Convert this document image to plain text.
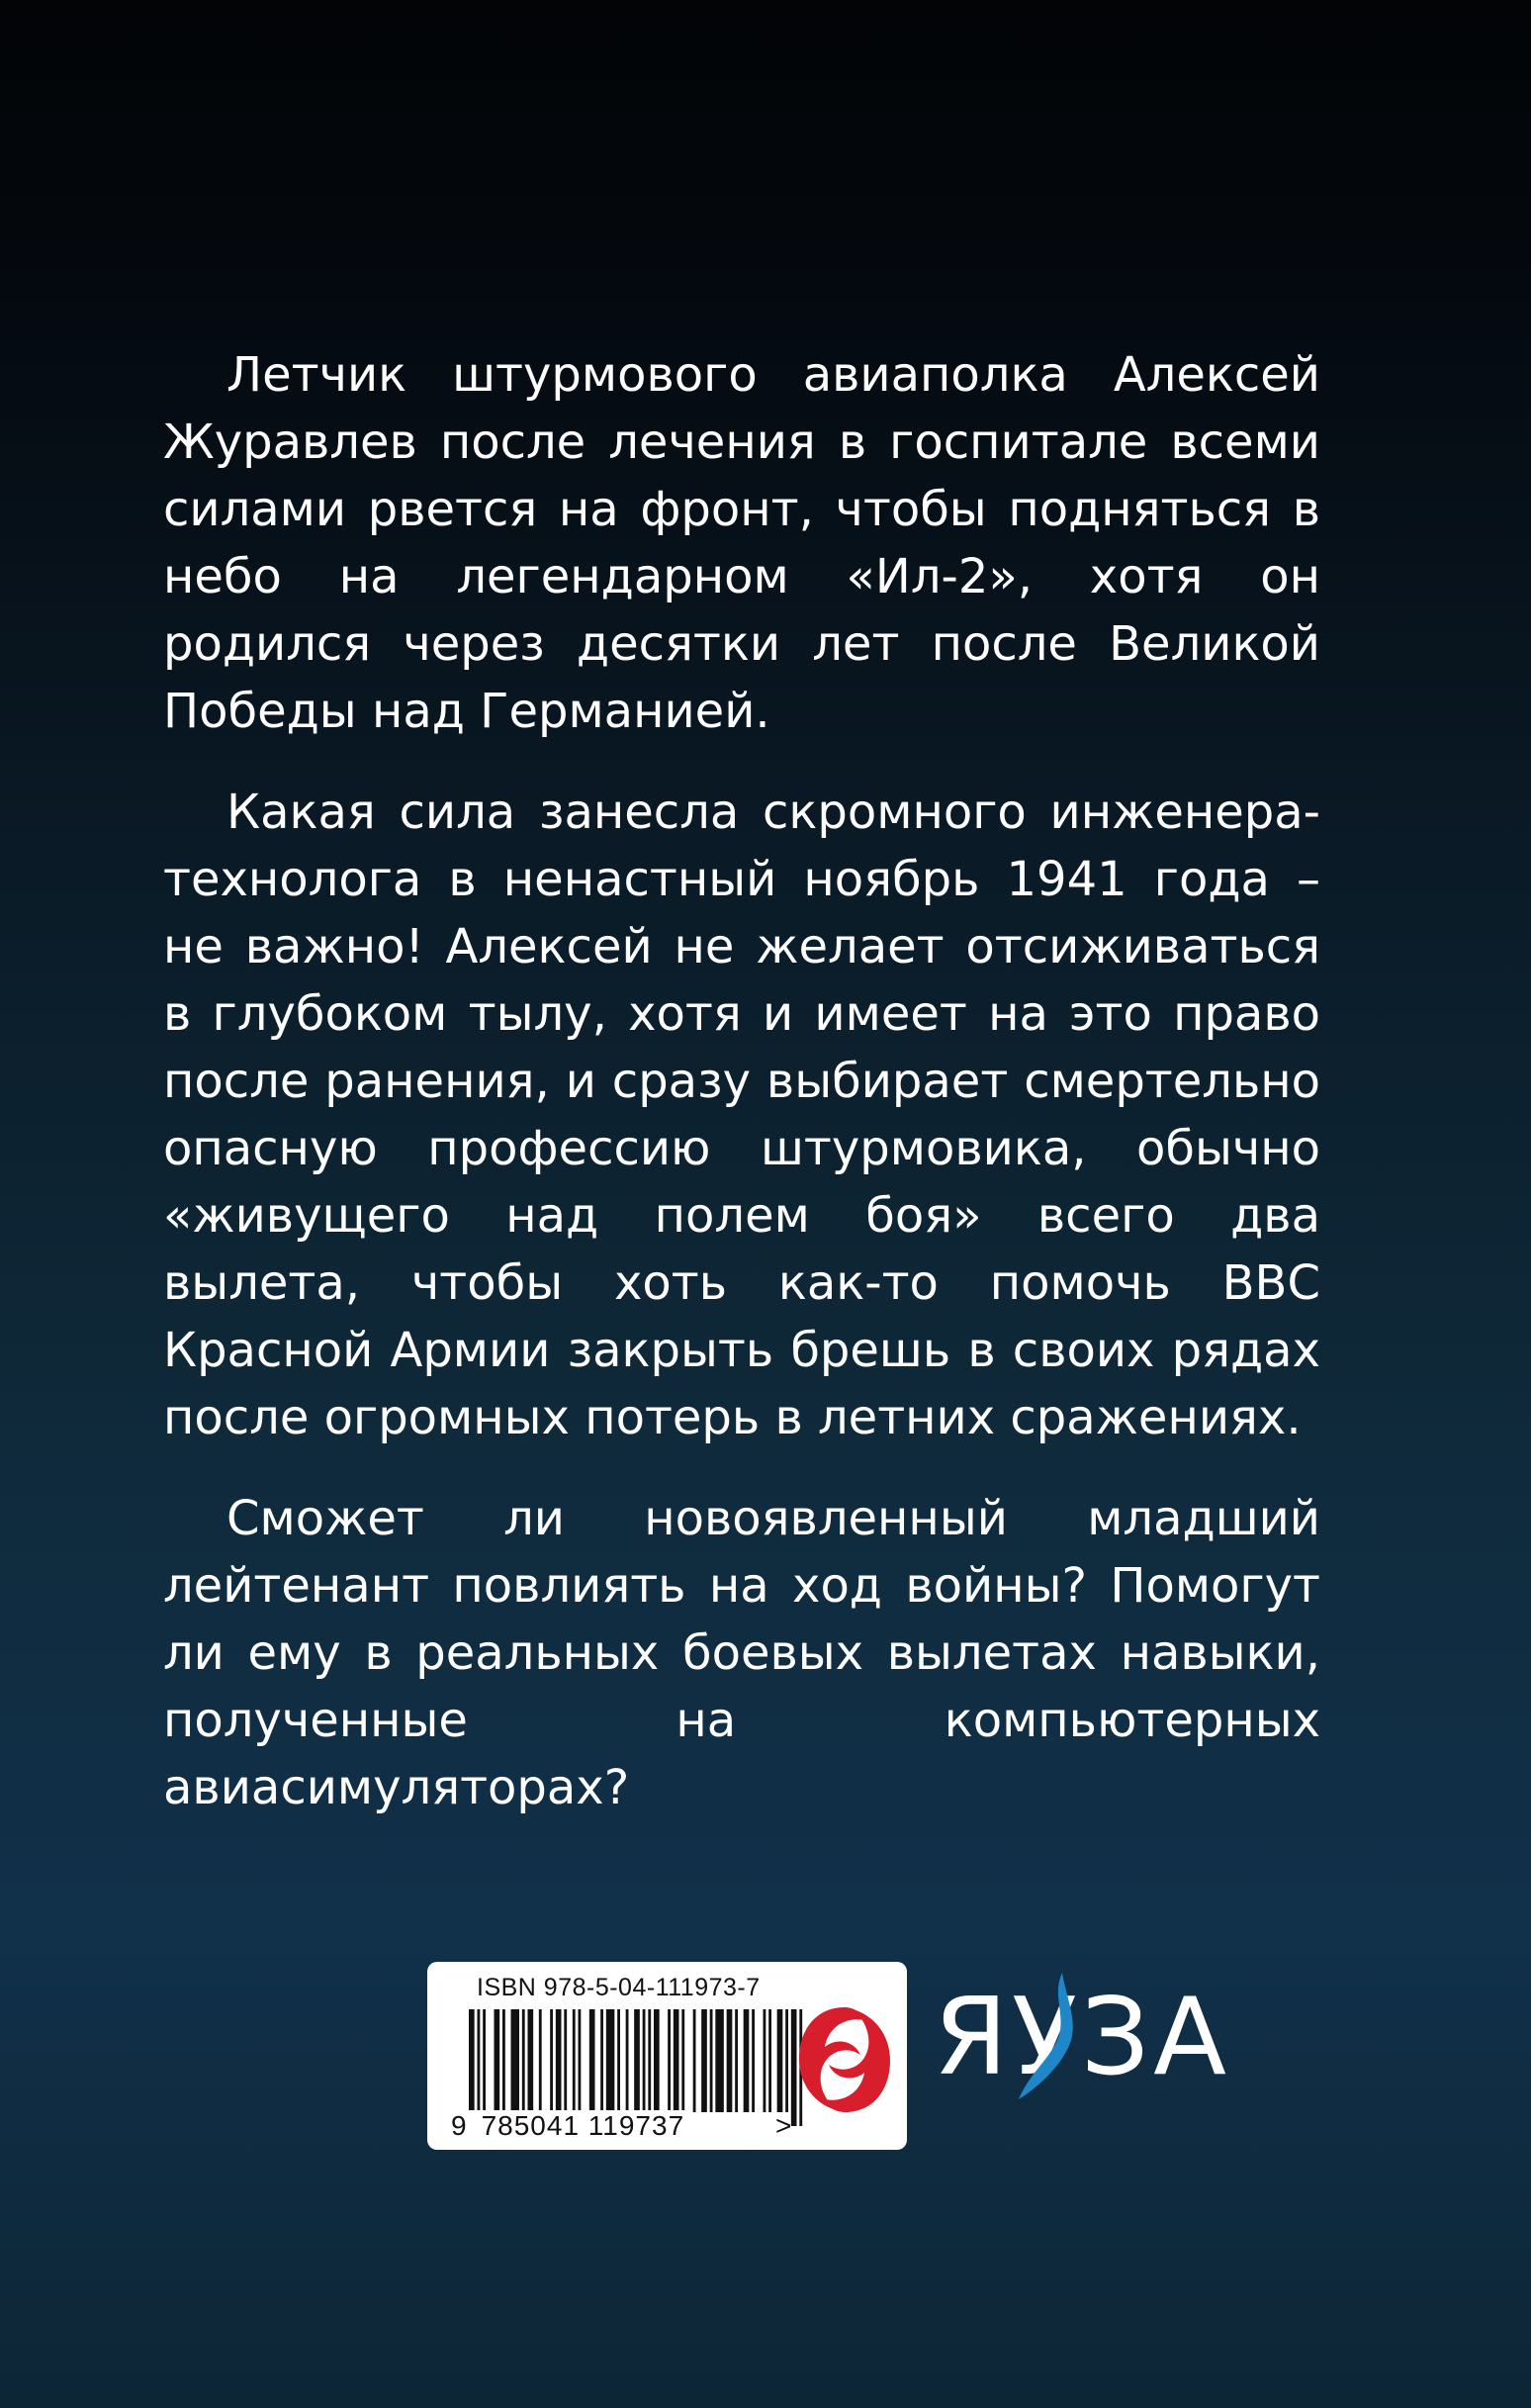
Летчик штурмового авиаполка Алексей Журавлев после лечения в госпитале всеми силами рвется на фронт, чтобы подняться в небо на легендарном «Ил-2», хотя он родился через десятки лет после Великой Победы над Германией.

Какая сила занесла скромного инженера-технолога в ненастный ноябрь 1941 года – не важно! Алексей не желает отсиживаться в глубоком тылу, хотя и имеет на это право после ранения, и сразу выбирает смертельно опасную профессию штурмовика, обычно «живущего над полем боя» всего два вылета, чтобы хоть как-то помочь ВВС Красной Армии закрыть брешь в своих рядах после огромных потерь в летних сражениях.

Сможет ли новоявленный младший лейтенант повлиять на ход войны? Помогут ли ему в реальных боевых вылетах навыки, полученные на компьютерных авиасимуляторах?

ISBN 978-5-04-111973-7
9 785041 119737	>
ЯУЗА
